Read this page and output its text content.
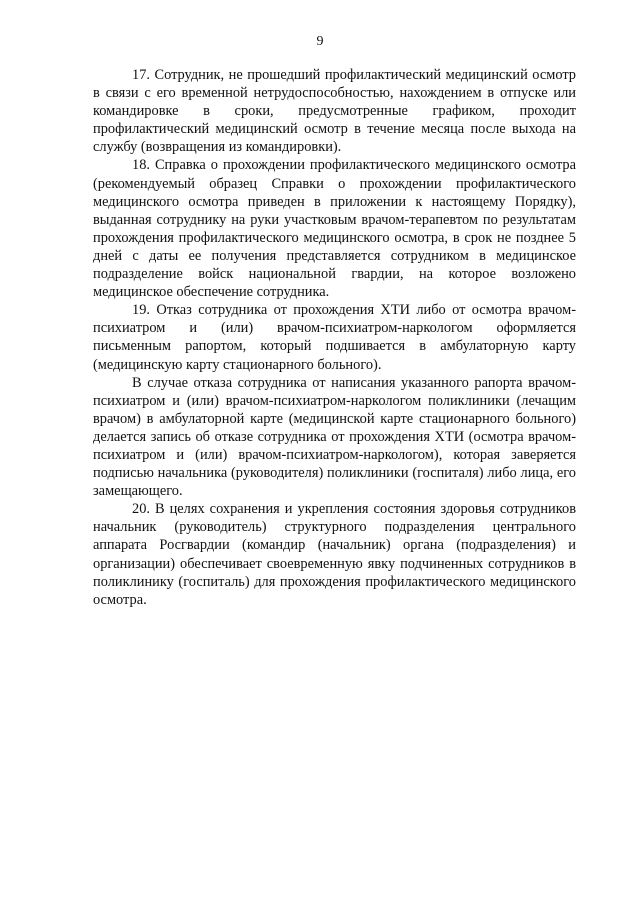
9

17. Сотрудник, не прошедший профилактический медицинский осмотр в связи с его временной нетрудоспособностью, нахождением в отпуске или командировке в сроки, предусмотренные графиком, проходит профилактический медицинский осмотр в течение месяца после выхода на службу (возвращения из командировки).

18. Справка о прохождении профилактического медицинского осмотра (рекомендуемый образец Справки о прохождении профилактического медицинского осмотра приведен в приложении к настоящему Порядку), выданная сотруднику на руки участковым врачом-терапевтом по результатам прохождения профилактического медицинского осмотра, в срок не позднее 5 дней с даты ее получения представляется сотрудником в медицинское подразделение войск национальной гвардии, на которое возложено медицинское обеспечение сотрудника.

19. Отказ сотрудника от прохождения ХТИ либо от осмотра врачом-психиатром и (или) врачом-психиатром-наркологом оформляется письменным рапортом, который подшивается в амбулаторную карту (медицинскую карту стационарного больного).

В случае отказа сотрудника от написания указанного рапорта врачом-психиатром и (или) врачом-психиатром-наркологом поликлиники (лечащим врачом) в амбулаторной карте (медицинской карте стационарного больного) делается запись об отказе сотрудника от прохождения ХТИ (осмотра врачом-психиатром и (или) врачом-психиатром-наркологом), которая заверяется подписью начальника (руководителя) поликлиники (госпиталя) либо лица, его замещающего.

20. В целях сохранения и укрепления состояния здоровья сотрудников начальник (руководитель) структурного подразделения центрального аппарата Росгвардии (командир (начальник) органа (подразделения) и организации) обеспечивает своевременную явку подчиненных сотрудников в поликлинику (госпиталь) для прохождения профилактического медицинского осмотра.
